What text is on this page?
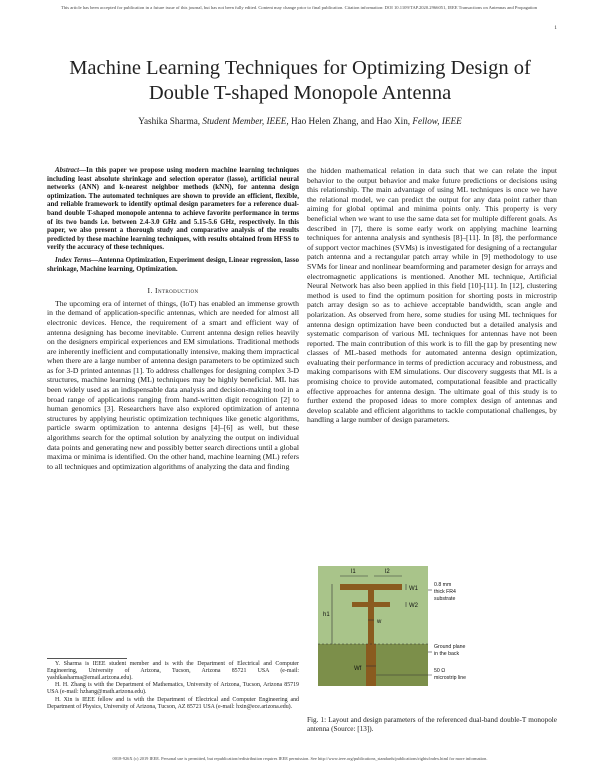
This article has been accepted for publication in a future issue of this journal, but has not been fully edited. Content may change prior to final publication. Citation information: DOI 10.1109/TAP.2020.2966051, IEEE Transactions on Antennas and Propagation
1
Machine Learning Techniques for Optimizing Design of Double T-shaped Monopole Antenna
Yashika Sharma, Student Member, IEEE, Hao Helen Zhang, and Hao Xin, Fellow, IEEE

Abstract—In this paper we propose using modern machine learning techniques including least absolute shrinkage and selection operator (lasso), artificial neural networks (ANN) and k-nearest neighbor methods (kNN), for antenna design optimization. The automated techniques are shown to provide an efficient, flexible, and reliable framework to identify optimal design parameters for a reference dual-band double T-shaped monopole antenna to achieve favorite performance in terms of its two bands i.e. between 2.4-3.0 GHz and 5.15-5.6 GHz, respectively. In this paper, we also present a thorough study and comparative analysis of the results predicted by these machine learning techniques, with results obtained from HFSS to verify the accuracy of these techniques.

Index Terms—Antenna Optimization, Experiment design, Linear regression, lasso shrinkage, Machine learning, Optimization.

I. Introduction

The upcoming era of internet of things, (IoT) has enabled an immense growth in the demand of application-specific antennas, which are needed for almost all electronic devices. Hence, the requirement of a smart and efficient way of antenna designing has become inevitable. Current antenna design relies heavily on the designers empirical experiences and EM simulations. Traditional methods are inherently inefficient and computationally intensive, making them impractical when there are a large number of antenna design parameters to be optimized such as for 3-D printed antennas [1]. To address challenges for designing complex 3-D structures, machine learning (ML) techniques may be highly beneficial. ML has been widely used as an indispensable data analysis and decision-making tool in a broad range of applications ranging from hand-written digit recognition [2] to human genomics [3]. Researchers have also explored optimization of antenna structures by applying heuristic optimization techniques like genetic algorithms, particle swarm optimization to antenna designs [4]–[6] as well, but these algorithms search for the optimal solution by analyzing the output on individual data points and generating new and possibly better search directions until a global maxima or minima is identified. On the other hand, machine learning (ML) refers to all techniques and optimization algorithms of analyzing the data and finding

Y. Sharma is IEEE student member and is with the Department of Electrical and Computer Engineering, University of Arizona, Tucson, Arizona 85721 USA (e-mail: yashikasharma@email.arizona.edu).

H. H. Zhang is with the Department of Mathematics, University of Arizona, Tucson, Arizona 85719 USA (e-mail: hzhang@math.arizona.edu).

H. Xin is IEEE fellow and is with the Department of Electrical and Computer Engineering and Department of Physics, University of Arizona, Tucson, AZ 85721 USA (e-mail: hxin@ece.arizona.edu).

the hidden mathematical relation in data such that we can relate the input behavior to the output behavior and make future predictions or decisions using this relationship. The main advantage of using ML techniques is once we have the relational model, we can predict the output for any data point rather than aiming for global optimal and minima points only. This property is very beneficial when we want to use the same data set for multiple different goals. As described in [7], there is some early work on applying machine learning techniques for antenna analysis and synthesis [8]–[11]. In [8], the performance of support vector machines (SVMs) is investigated for designing of a rectangular patch antenna and a rectangular patch array while in [9] methodology to use SVMs for linear and nonlinear beamforming and parameter design for arrays and electromagnetic applications is mentioned. Another ML technique, Artificial Neural Network has also been applied in this field [10]-[11]. In [12], clustering method is used to find the optimum position for shorting posts in microstrip patch array design so as to achieve acceptable bandwidth, scan angle and polarization. As observed from here, some studies for using ML techniques for antenna design optimization have been conducted but a detailed analysis and systematic comparison of various ML techniques for antennas have not been reported. The main contribution of this work is to fill the gap by presenting new classes of ML-based methods for automated antenna design optimization, evaluating their performance in terms of prediction accuracy and robustness, and making comparisons with EM simulations. Our discovery suggests that ML is a promising choice to provide automated, computational feasible and practically effective approaches for antenna design. The ultimate goal of this study is to further extend the proposed ideas to more complex design of antennas and develop scalable and efficient algorithms to tackle computational challenges, by handling a large number of design parameters.

l1	l2
W1
W2
h1
w
Wf
0.8 mm
thick FR4
substrate
Ground plane
in the back
50 Ω
microstrip line
Fig. 1: Layout and design parameters of the referenced dual-band double-T monopole antenna (Source: [13]).
0018-926X (c) 2019 IEEE. Personal use is permitted, but republication/redistribution requires IEEE permission. See http://www.ieee.org/publications_standards/publications/rights/index.html for more information.
